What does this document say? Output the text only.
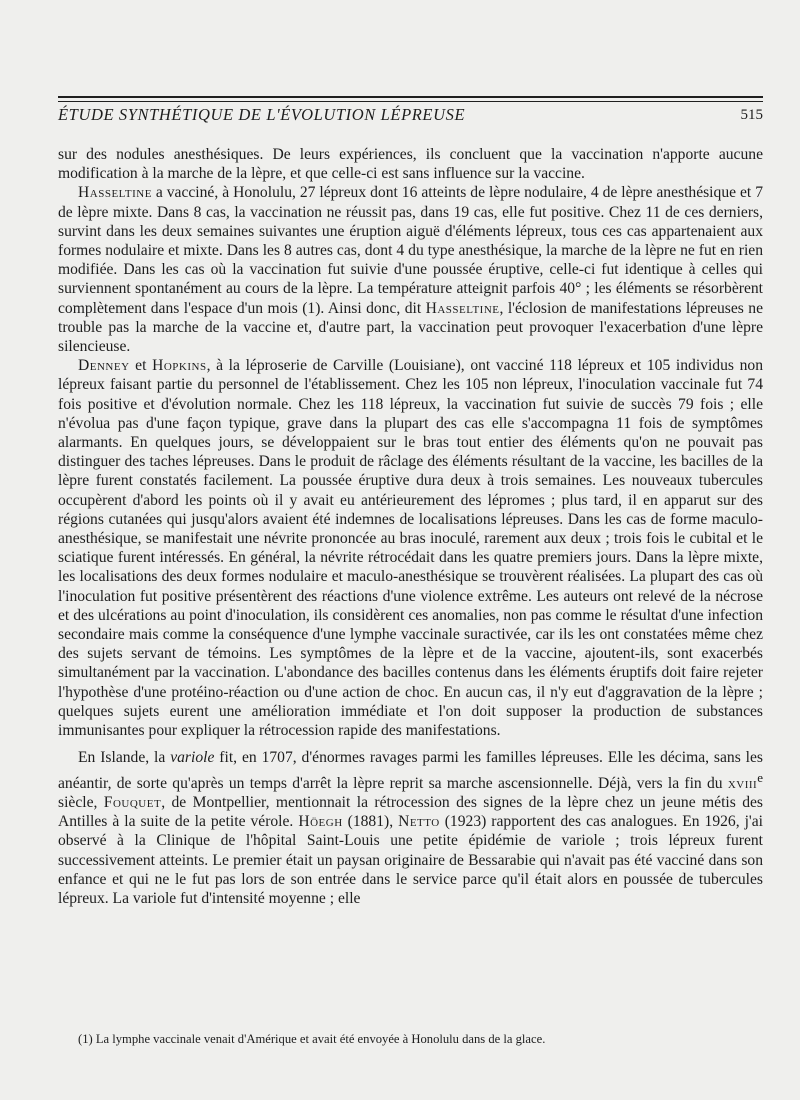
ÉTUDE SYNTHÉTIQUE DE L'ÉVOLUTION LÉPREUSE	515

sur des nodules anesthésiques. De leurs expériences, ils concluent que la vaccination n'apporte aucune modification à la marche de la lèpre, et que celle-ci est sans influence sur la vaccine.

Hasseltine a vacciné, à Honolulu, 27 lépreux dont 16 atteints de lèpre nodulaire, 4 de lèpre anesthésique et 7 de lèpre mixte. Dans 8 cas, la vaccination ne réussit pas, dans 19 cas, elle fut positive. Chez 11 de ces derniers, survint dans les deux semaines suivantes une éruption aiguë d'éléments lépreux, tous ces cas appartenaient aux formes nodulaire et mixte. Dans les 8 autres cas, dont 4 du type anesthésique, la marche de la lèpre ne fut en rien modifiée. Dans les cas où la vaccination fut suivie d'une poussée éruptive, celle-ci fut identique à celles qui surviennent spontanément au cours de la lèpre. La température atteignit parfois 40° ; les éléments se résorbèrent complètement dans l'espace d'un mois (1). Ainsi donc, dit Hasseltine, l'éclosion de manifestations lépreuses ne trouble pas la marche de la vaccine et, d'autre part, la vaccination peut provoquer l'exacerbation d'une lèpre silencieuse.

Denney et Hopkins, à la léproserie de Carville (Louisiane), ont vacciné 118 lépreux et 105 individus non lépreux faisant partie du personnel de l'établissement. Chez les 105 non lépreux, l'inoculation vaccinale fut 74 fois positive et d'évolution normale. Chez les 118 lépreux, la vaccination fut suivie de succès 79 fois ; elle n'évolua pas d'une façon typique, grave dans la plupart des cas elle s'accompagna 11 fois de symptômes alarmants. En quelques jours, se développaient sur le bras tout entier des éléments qu'on ne pouvait pas distinguer des taches lépreuses. Dans le produit de râclage des éléments résultant de la vaccine, les bacilles de la lèpre furent constatés facilement. La poussée éruptive dura deux à trois semaines. Les nouveaux tubercules occupèrent d'abord les points où il y avait eu antérieurement des lépromes ; plus tard, il en apparut sur des régions cutanées qui jusqu'alors avaient été indemnes de localisations lépreuses. Dans les cas de forme maculo-anesthésique, se manifestait une névrite prononcée au bras inoculé, rarement aux deux ; trois fois le cubital et le sciatique furent intéressés. En général, la névrite rétrocédait dans les quatre premiers jours. Dans la lèpre mixte, les localisations des deux formes nodulaire et maculo-anesthésique se trouvèrent réalisées. La plupart des cas où l'inoculation fut positive présentèrent des réactions d'une violence extrême. Les auteurs ont relevé de la nécrose et des ulcérations au point d'inoculation, ils considèrent ces anomalies, non pas comme le résultat d'une infection secondaire mais comme la conséquence d'une lymphe vaccinale suractivée, car ils les ont constatées même chez des sujets servant de témoins. Les symptômes de la lèpre et de la vaccine, ajoutent-ils, sont exacerbés simultanément par la vaccination. L'abondance des bacilles contenus dans les éléments éruptifs doit faire rejeter l'hypothèse d'une protéino-réaction ou d'une action de choc. En aucun cas, il n'y eut d'aggravation de la lèpre ; quelques sujets eurent une amélioration immédiate et l'on doit supposer la production de substances immunisantes pour expliquer la rétrocession rapide des manifestations.

En Islande, la variole fit, en 1707, d'énormes ravages parmi les familles lépreuses. Elle les décima, sans les anéantir, de sorte qu'après un temps d'arrêt la lèpre reprit sa marche ascensionnelle. Déjà, vers la fin du xviii$^e$ siècle, Fouquet, de Montpellier, mentionnait la rétrocession des signes de la lèpre chez un jeune métis des Antilles à la suite de la petite vérole. Höegh (1881), Netto (1923) rapportent des cas analogues. En 1926, j'ai observé à la Clinique de l'hôpital Saint-Louis une petite épidémie de variole ; trois lépreux furent successivement atteints. Le premier était un paysan originaire de Bessarabie qui n'avait pas été vacciné dans son enfance et qui ne le fut pas lors de son entrée dans le service parce qu'il était alors en poussée de tubercules lépreux. La variole fut d'intensité moyenne ; elle

(1) La lymphe vaccinale venait d'Amérique et avait été envoyée à Honolulu dans de la glace.
